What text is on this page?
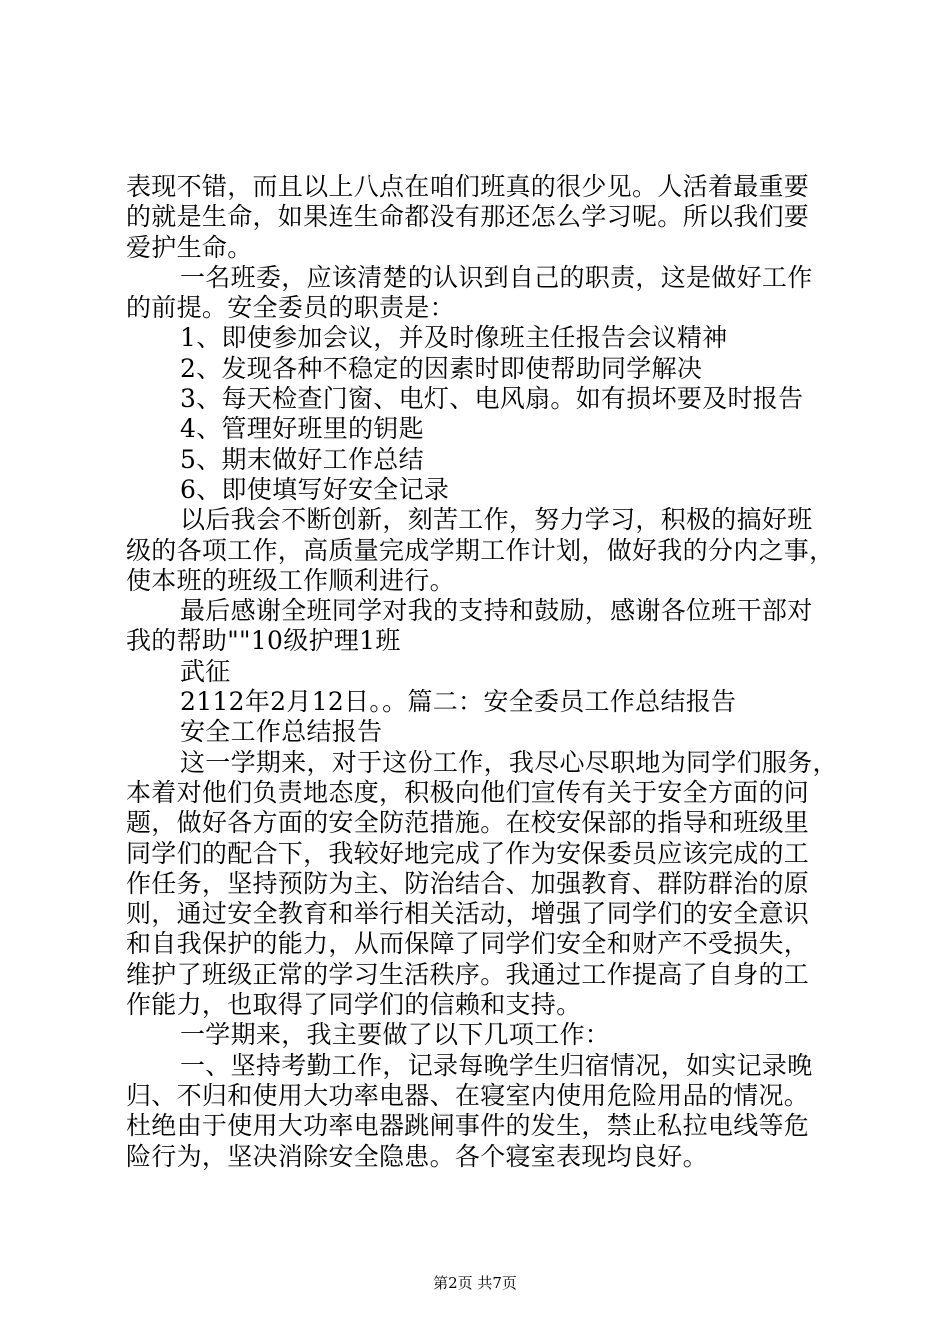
表现不错，而且以上八点在咱们班真的很少见。人活着最重要
的就是生命，如果连生命都没有那还怎么学习呢。所以我们要
爱护生命。
一名班委，应该清楚的认识到自己的职责，这是做好工作
的前提。安全委员的职责是：
1、即使参加会议，并及时像班主任报告会议精神
2、发现各种不稳定的因素时即使帮助同学解决
3、每天检查门窗、电灯、电风扇。如有损坏要及时报告
4、管理好班里的钥匙
5、期末做好工作总结
6、即使填写好安全记录
以后我会不断创新，刻苦工作，努力学习，积极的搞好班
级的各项工作，高质量完成学期工作计划，做好我的分内之事，
使本班的班级工作顺利进行。
最后感谢全班同学对我的支持和鼓励，感谢各位班干部对
我的帮助""10级护理1班
武征
2112年2月12日。。篇二：安全委员工作总结报告
安全工作总结报告
这一学期来，对于这份工作，我尽心尽职地为同学们服务，
本着对他们负责地态度，积极向他们宣传有关于安全方面的问
题，做好各方面的安全防范措施。在校安保部的指导和班级里
同学们的配合下，我较好地完成了作为安保委员应该完成的工
作任务，坚持预防为主、防治结合、加强教育、群防群治的原
则，通过安全教育和举行相关活动，增强了同学们的安全意识
和自我保护的能力，从而保障了同学们安全和财产不受损失，
维护了班级正常的学习生活秩序。我通过工作提高了自身的工
作能力，也取得了同学们的信赖和支持。
一学期来，我主要做了以下几项工作：
一、坚持考勤工作，记录每晚学生归宿情况，如实记录晚
归、不归和使用大功率电器、在寝室内使用危险用品的情况。
杜绝由于使用大功率电器跳闸事件的发生，禁止私拉电线等危
险行为，坚决消除安全隐患。各个寝室表现均良好。
第2页 共7页
